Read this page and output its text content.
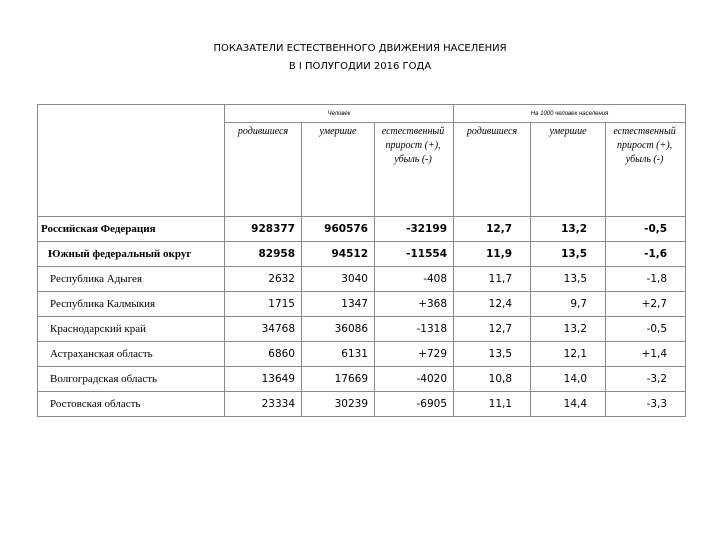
ПОКАЗАТЕЛИ ЕСТЕСТВЕННОГО ДВИЖЕНИЯ НАСЕЛЕНИЯ
В I ПОЛУГОДИИ 2016 ГОДА
	Человек			На 1000 человек населения		

	родившиеся	умершие	естественный
прирост (+),
убыль (-)	родившиеся	умершие	естественный
прирост (+),
убыль (-)

Российская Федерация	928377	960576	-32199	12,7	13,2	-0,5
Южный федеральный округ	82958	94512	-11554	11,9	13,5	-1,6
Республика Адыгея	2632	3040	-408	11,7	13,5	-1,8
Республика Калмыкия	1715	1347	+368	12,4	9,7	+2,7
Краснодарский край	34768	36086	-1318	12,7	13,2	-0,5
Астраханская область	6860	6131	+729	13,5	12,1	+1,4
Волгоградская область	13649	17669	-4020	10,8	14,0	-3,2
Ростовская область	23334	30239	-6905	11,1	14,4	-3,3
